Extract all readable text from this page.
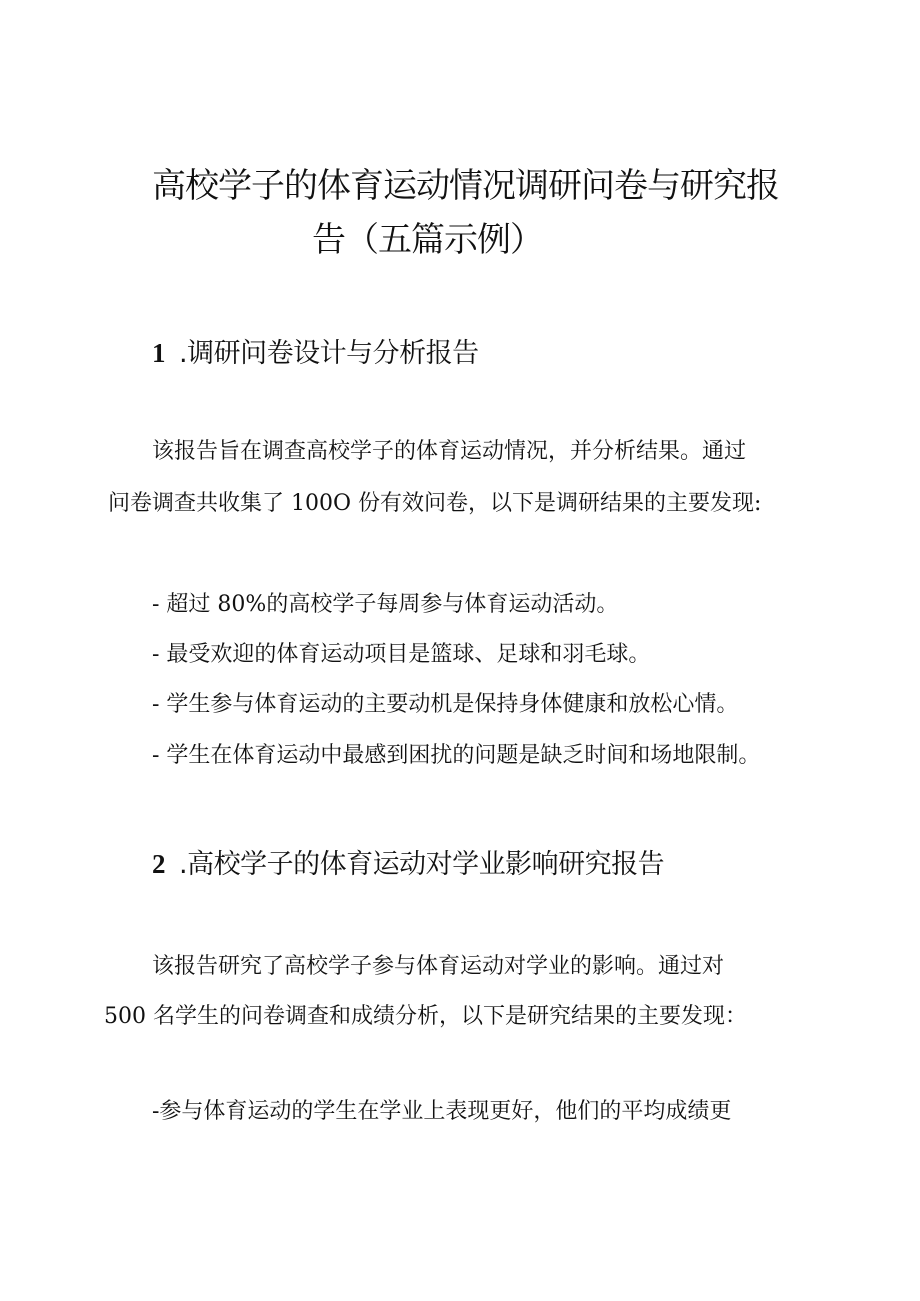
高校学子的体育运动情况调研问卷与研究报
告（五篇示例）
1 .调研问卷设计与分析报告
该报告旨在调查高校学子的体育运动情况，并分析结果。通过
问卷调查共收集了 100O 份有效问卷，以下是调研结果的主要发现:
- 超过 80%的高校学子每周参与体育运动活动。
- 最受欢迎的体育运动项目是篮球、足球和羽毛球。
- 学生参与体育运动的主要动机是保持身体健康和放松心情。
- 学生在体育运动中最感到困扰的问题是缺乏时间和场地限制。
2 .高校学子的体育运动对学业影响研究报告
该报告研究了高校学子参与体育运动对学业的影响。通过对
500 名学生的问卷调查和成绩分析，以下是研究结果的主要发现：
-参与体育运动的学生在学业上表现更好，他们的平均成绩更
